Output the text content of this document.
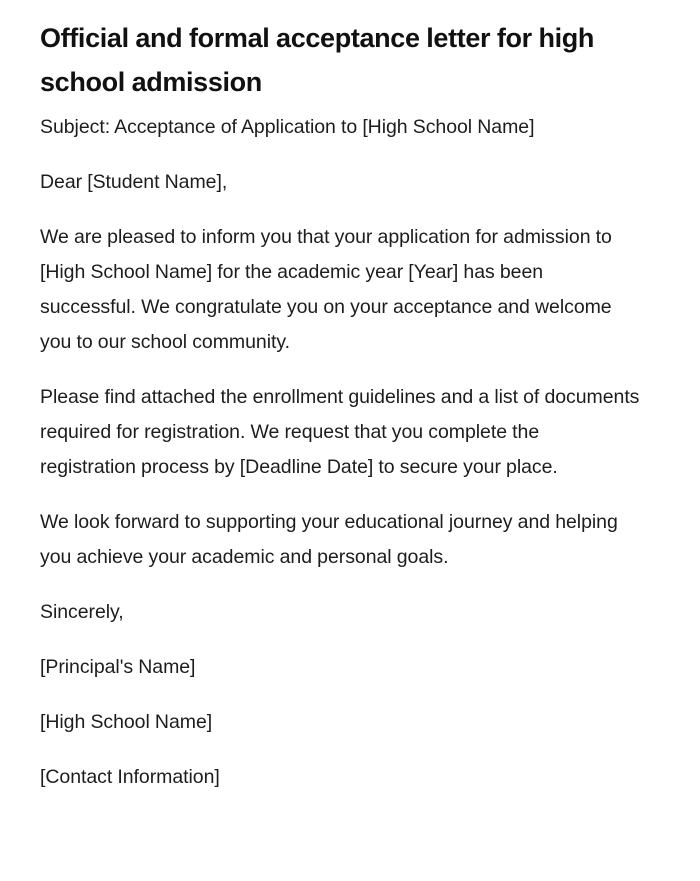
Official and formal acceptance letter for high school admission

Subject: Acceptance of Application to [High School Name]

Dear [Student Name],

We are pleased to inform you that your application for admission to [High School Name] for the academic year [Year] has been successful. We congratulate you on your acceptance and welcome you to our school community.

Please find attached the enrollment guidelines and a list of documents required for registration. We request that you complete the registration process by [Deadline Date] to secure your place.

We look forward to supporting your educational journey and helping you achieve your academic and personal goals.

Sincerely,

[Principal's Name]

[High School Name]

[Contact Information]
